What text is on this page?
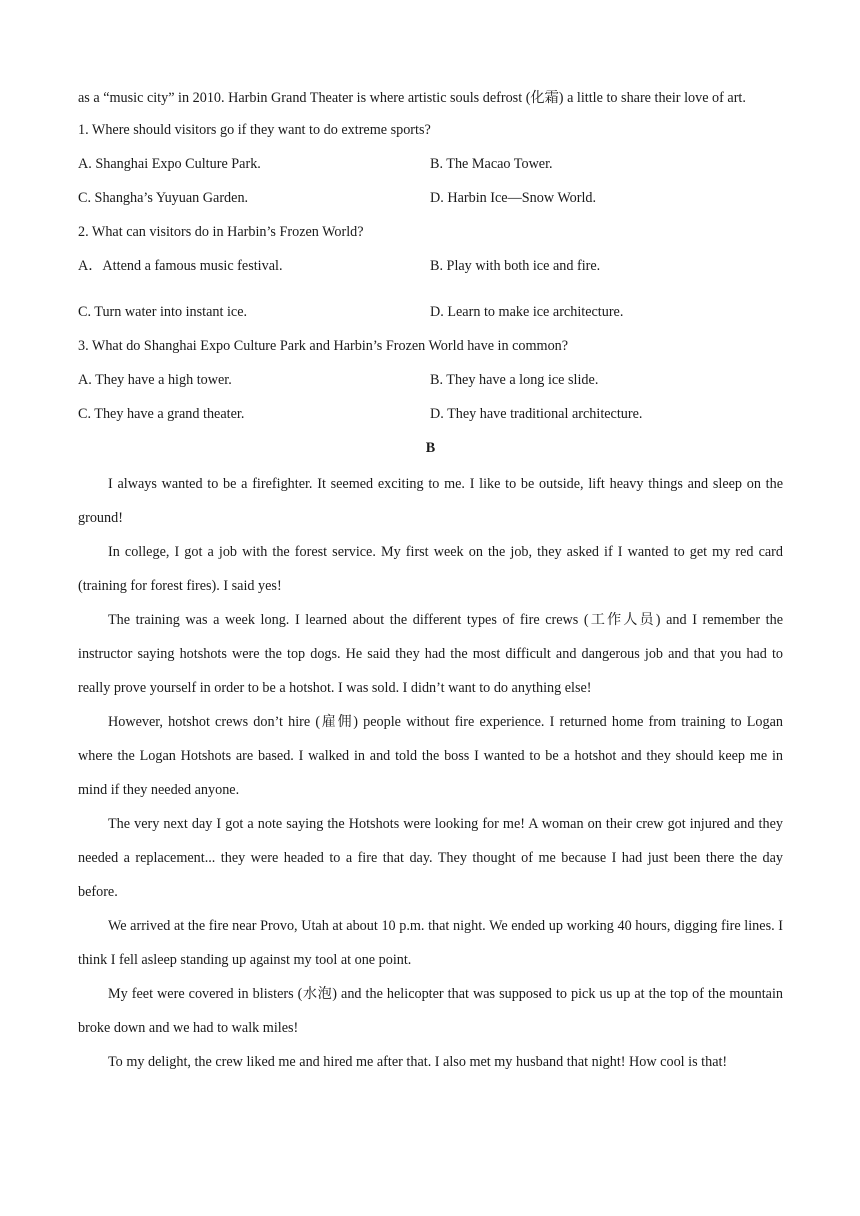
as a “music city” in 2010. Harbin Grand Theater is where artistic souls defrost (化霜) a little to share their love of art.
1. Where should visitors go if they want to do extreme sports?
A. Shanghai Expo Culture Park.	B. The Macao Tower.
C. Shangha’s Yuyuan Garden.	D. Harbin Ice—Snow World.
2. What can visitors do in Harbin’s Frozen World?
A．Attend a famous music festival.	B. Play with both ice and fire.
C. Turn water into instant ice.	D. Learn to make ice architecture.
3. What do Shanghai Expo Culture Park and Harbin’s Frozen World have in common?
A. They have a high tower.	B. They have a long ice slide.
C. They have a grand theater.	D. They have traditional architecture.
B
I always wanted to be a firefighter. It seemed exciting to me. I like to be outside, lift heavy things and sleep on the ground!
In college, I got a job with the forest service. My first week on the job, they asked if I wanted to get my red card (training for forest fires). I said yes!
The training was a week long. I learned about the different types of fire crews (工作人员) and I remember the instructor saying hotshots were the top dogs. He said they had the most difficult and dangerous job and that you had to really prove yourself in order to be a hotshot. I was sold. I didn’t want to do anything else!
However, hotshot crews don’t hire (雇佣) people without fire experience. I returned home from training to Logan where the Logan Hotshots are based. I walked in and told the boss I wanted to be a hotshot and they should keep me in mind if they needed anyone.
The very next day I got a note saying the Hotshots were looking for me! A woman on their crew got injured and they needed a replacement... they were headed to a fire that day. They thought of me because I had just been there the day before.
We arrived at the fire near Provo, Utah at about 10 p.m. that night. We ended up working 40 hours, digging fire lines. I think I fell asleep standing up against my tool at one point.
My feet were covered in blisters (水泡) and the helicopter that was supposed to pick us up at the top of the mountain broke down and we had to walk miles!
To my delight, the crew liked me and hired me after that. I also met my husband that night! How cool is that!
